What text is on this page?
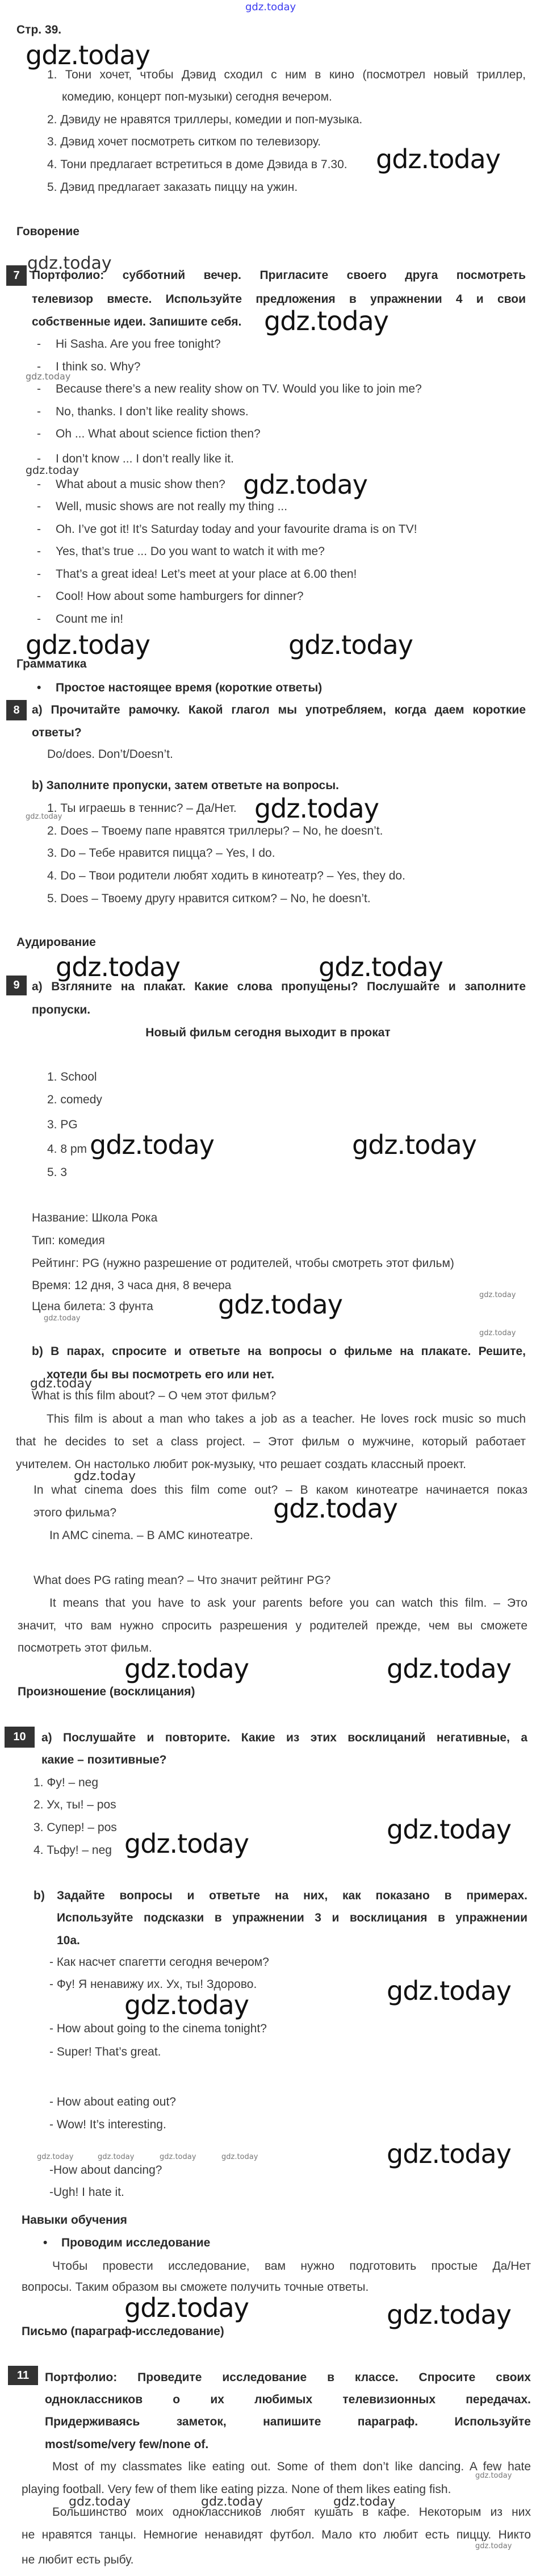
gdz.today
Стр. 39.
gdz.today
1. Тони хочет, чтобы Дэвид сходил с ним в кино (посмотрел новый триллер,
комедию, концерт поп-музыки) сегодня вечером.
2. Дэвиду не нравятся триллеры, комедии и поп-музыка.
3. Дэвид хочет посмотреть ситком по телевизору.
4. Тони предлагает встретиться в доме Дэвида в 7.30. gdz.today
5. Дэвид предлагает заказать пиццу на ужин.
Говорение
gdz.today
7	Портфолио: субботний вечер. Пригласите своего друга посмотреть
телевизор вместе. Используйте предложения в упражнении 4 и свои
собственные идеи. Запишите себя. gdz.today
- Hi Sasha. Are you free tonight?
- I think so. Why?
- Because there’s a new reality show on TV. Would you like to join me?
- No, thanks. I don’t like reality shows.
- Oh ... What about science fiction then?
- I don’t know ... I don’t really like it.
- What about a music show then?
- Well, music shows are not really my thing ...
- Oh. I’ve got it! It’s Saturday today and your favourite drama is on TV!
- Yes, that’s true ... Do you want to watch it with me?
- That’s a great idea! Let’s meet at your place at 6.00 then!
- Cool! How about some hamburgers for dinner?
- Count me in!
gdz.today
gdz.today	gdz.today
gdz.today	gdz.today
Грамматика
• Простое настоящее время (короткие ответы)
8	а) Прочитайте рамочку. Какой глагол мы употребляем, когда даем короткие
ответы?
Do/does. Don’t/Doesn’t.
b) Заполните пропуски, затем ответьте на вопросы.
1. Ты играешь в теннис? – Да/Нет. gdz.today
gdz.today
2. Does – Твоему папе нравятся триллеры? – No, he doesn’t.
3. Do – Тебе нравится пицца? – Yes, I do.
4. Do – Твои родители любят ходить в кинотеатр? – Yes, they do.
5. Does – Твоему другу нравится ситком? – No, he doesn’t.
Аудирование
gdz.today	gdz.today
9	а) Взгляните на плакат. Какие слова пропущены? Послушайте и заполните
пропуски.
Новый фильм сегодня выходит в прокат
1. School
2. comedy
3. PG
4. 8 pm gdz.today	gdz.today
5. 3
Название: Школа Рока
Тип: комедия
Рейтинг: PG (нужно разрешение от родителей, чтобы смотреть этот фильм)
Время: 12 дня, 3 часа дня, 8 вечера
Цена билета: 3 фунта gdz.today
gdz.today
gdz.today
gdz.today
b) В парах, спросите и ответьте на вопросы о фильме на плакате. Решите,
хотели бы вы посмотреть его или нет.
gdz.today
What is this film about? – О чем этот фильм?
This film is about a man who takes a job as a teacher. He loves rock music so much
that he decides to set a class project. – Этот фильм о мужчине, который работает
учителем. Он настолько любит рок-музыку, что решает создать классный проект.
gdz.today
In what cinema does this film come out? – В каком кинотеатре начинается показ
этого фильма?	gdz.today
In AMC cinema. – В AMC кинотеатре.
What does PG rating mean? – Что значит рейтинг PG?
It means that you have to ask your parents before you can watch this film. – Это
значит, что вам нужно спросить разрешения у родителей прежде, чем вы сможете
посмотреть этот фильм.
gdz.today	gdz.today
Произношение (восклицания)
10	а) Послушайте и повторите. Какие из этих восклицаний негативные, а
какие – позитивные?
1. Фу! – neg
2. Ух, ты! – pos
3. Супер! – pos
4. Тьфу! – neg gdz.today	gdz.today
b) Задайте вопросы и ответьте на них, как показано в примерах.
Используйте подсказки в упражнении 3 и восклицания в упражнении
10a.
- Как насчет спагетти сегодня вечером?
- Фу! Я ненавижу их. Ух, ты! Здорово.
gdz.today	gdz.today
- How about going to the cinema tonight?
- Super! That’s great.
- How about eating out?
- Wow! It’s interesting.
gdz.today	gdz.today	gdz.today	gdz.today	gdz.today
-How about dancing?
-Ugh! I hate it.
Навыки обучения
• Проводим исследование
Чтобы провести исследование, вам нужно подготовить простые Да/Нет
вопросы. Таким образом вы сможете получить точные ответы.
gdz.today	gdz.today
Письмо (параграф-исследование)
11	Портфолио: Проведите исследование в классе. Спросите своих
одноклассников о их любимых телевизионных передачах.
Придерживаясь заметок, напишите параграф. Используйте
most/some/very few/none of.
Most of my classmates like eating out. Some of them don’t like dancing. A few hate
gdz.today
playing football. Very few of them like eating pizza. None of them likes eating fish.
gdz.today	gdz.today	gdz.today
Большинство моих одноклассников любят кушать в кафе. Некоторым из них
не нравятся танцы. Немногие ненавидят футбол. Мало кто любит есть пиццу. Никто
gdz.today
не любит есть рыбу.
